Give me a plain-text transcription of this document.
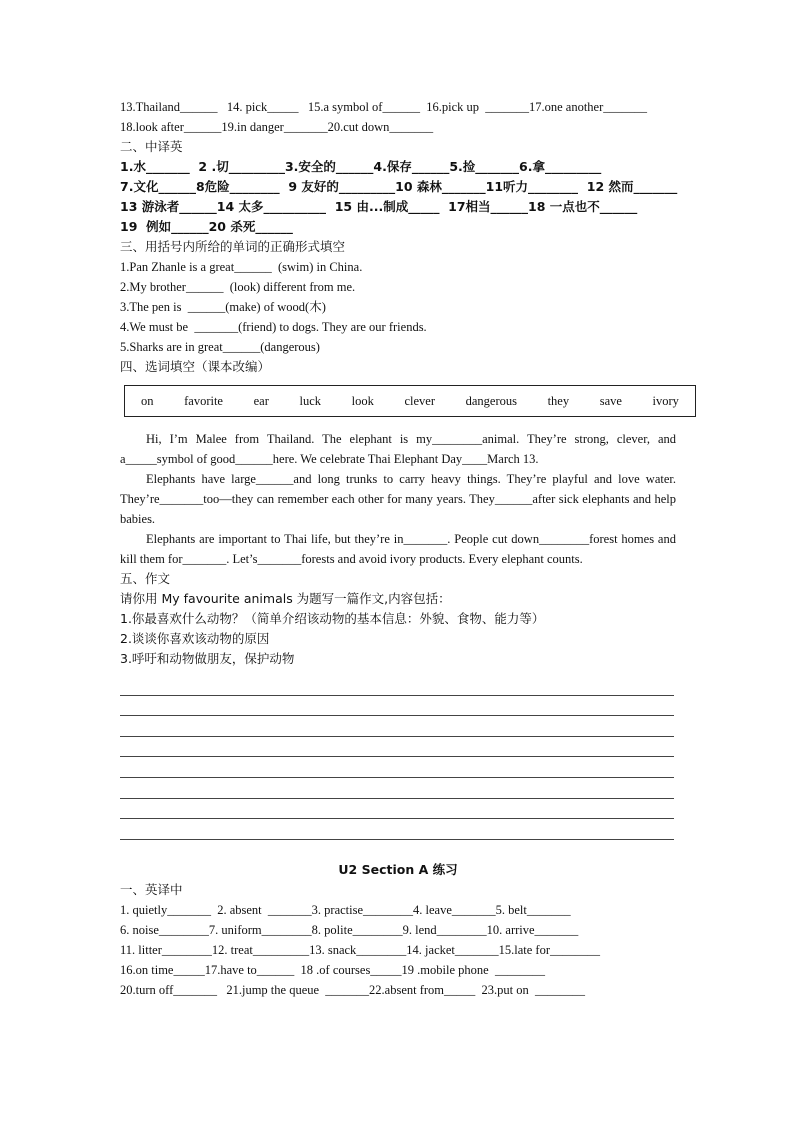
13.Thailand______   14. pick_____   15.a symbol of______  16.pick up  _______17.one another_______
18.look after______19.in danger_______20.cut down_______
二、中译英
1.水_______  2 .切_________3.安全的______4.保存______5.捡_______6.拿_________
7.文化______8危险________  9 友好的_________10 森林_______11听力________  12 然而_______
13 游泳者______14 太多__________  15 由...制成_____  17相当______18 一点也不______
19  例如______20 杀死______
三、用括号内所给的单词的正确形式填空
1.Pan Zhanle is a great______  (swim) in China.
2.My brother______  (look) different from me.
3.The pen is  ______(make) of wood(木)
4.We must be  _______(friend) to dogs. They are our friends.
5.Sharks are in great______(dangerous)
四、选词填空（课本改编）
on favorite ear luck look clever dangerous they save ivory
Hi, I’m Malee from Thailand. The elephant is my________animal. They’re strong, clever, and a_____symbol of good______here. We celebrate Thai Elephant Day____March 13.
Elephants have large______and long trunks to carry heavy things. They’re playful and love water. They’re_______too—they can remember each other for many years. They______after sick elephants and help babies.
Elephants are important to Thai life, but they’re in_______. People cut down________forest homes and kill them for_______. Let’s_______forests and avoid ivory products. Every elephant counts.
五、作文
请你用 My favourite animals 为题写一篇作文,内容包括：
1.你最喜欢什么动物？（简单介绍该动物的基本信息：外貌、食物、能力等）
2.谈谈你喜欢该动物的原因
3.呼吁和动物做朋友，保护动物
U2 Section A 练习
一、英译中
1. quietly_______  2. absent  _______3. practise________4. leave_______5. belt_______
6. noise________7. uniform________8. polite________9. lend________10. arrive_______
11. litter________12. treat_________13. snack________14. jacket_______15.late for________
16.on time_____17.have to______  18 .of courses_____19 .mobile phone  ________
20.turn off_______   21.jump the queue  _______22.absent from_____  23.put on  ________
